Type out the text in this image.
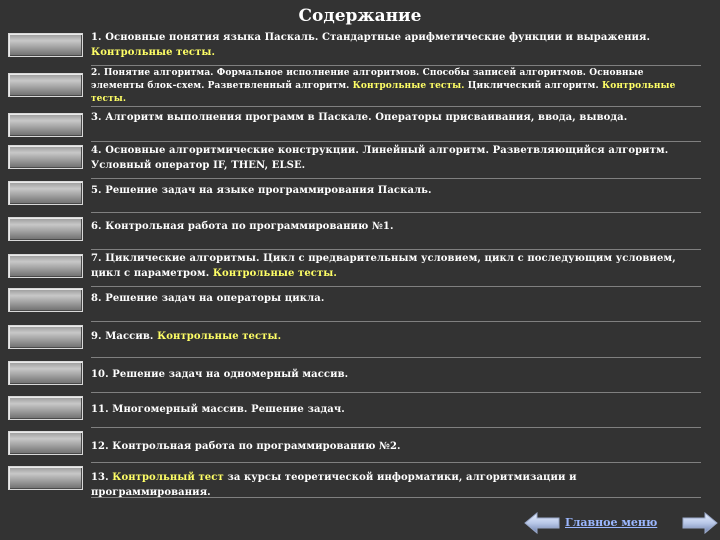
Содержание
1. Основные понятия языка Паскаль. Стандартные арифметические функции и выражения. Контрольные тесты.
2. Понятие алгоритма. Формальное исполнение алгоритмов. Способы записей алгоритмов. Основные элементы блок-схем. Разветвленный алгоритм. Контрольные тесты. Циклический алгоритм. Контрольные тесты.
3. Алгоритм выполнения программ в Паскале. Операторы присваивания, ввода, вывода.
4. Основные алгоритмические конструкции. Линейный алгоритм. Разветвляющийся алгоритм. Условный оператор IF, THEN, ELSE.
5. Решение задач на языке программирования Паскаль.
6. Контрольная работа по программированию №1.
7. Циклические алгоритмы. Цикл с предварительным условием, цикл с последующим условием, цикл с параметром. Контрольные тесты.
8. Решение задач на операторы цикла.
9. Массив. Контрольные тесты.
10. Решение задач на одномерный массив.
11. Многомерный массив. Решение задач.
12. Контрольная работа по программированию №2.
13. Контрольный тест за курсы теоретической информатики, алгоритмизации и программирования.
Главное меню
